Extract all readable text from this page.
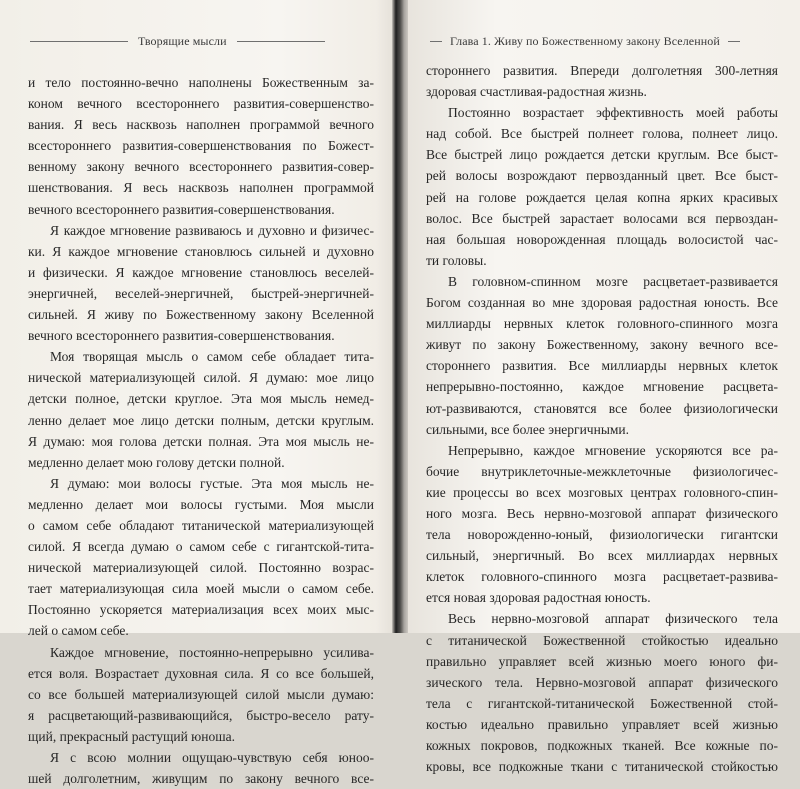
Творящие мысли
и тело постоянно-вечно наполнены Божественным за-
коном вечного всестороннего развития-совершенство-
вания. Я весь насквозь наполнен программой вечного
всестороннего развития-совершенствования по Божест-
венному закону вечного всестороннего развития-совер-
шенствования. Я весь насквозь наполнен программой
вечного всестороннего развития-совершенствования.
Я каждое мгновение развиваюсь и духовно и физичес-
ки. Я каждое мгновение становлюсь сильней и духовно
и физически. Я каждое мгновение становлюсь веселей-
энергичней, веселей-энергичней, быстрей-энергичней-
сильней. Я живу по Божественному закону Вселенной
вечного всестороннего развития-совершенствования.
Моя творящая мысль о самом себе обладает тита-
нической материализующей силой. Я думаю: мое лицо
детски полное, детски круглое. Эта моя мысль немед-
ленно делает мое лицо детски полным, детски круглым.
Я думаю: моя голова детски полная. Эта моя мысль не-
медленно делает мою голову детски полной.
Я думаю: мои волосы густые. Эта моя мысль не-
медленно делает мои волосы густыми. Моя мысли
о самом себе обладают титанической материализующей
силой. Я всегда думаю о самом себе с гигантской-тита-
нической материализующей силой. Постоянно возрас-
тает материализующая сила моей мысли о самом себе.
Постоянно ускоряется материализация всех моих мыс-
лей о самом себе.
Каждое мгновение, постоянно-непрерывно усилива-
ется воля. Возрастает духовная сила. Я со все большей,
со все большей материализующей силой мысли думаю:
я расцветающий-развивающийся, быстро-весело рату-
щий, прекрасный растущий юноша.
Я с всою молнии ощущаю-чувствую себя юноо-
шей долголетним, живущим по закону вечного все-
Глава 1. Живу по Божественному закону Вселенной
стороннего развития. Впереди долголетняя 300-летняя
здоровая счастливая-радостная жизнь.
Постоянно возрастает эффективность моей работы
над собой. Все быстрей полнеет голова, полнеет лицо.
Все быстрей лицо рождается детски круглым. Все быст-
рей волосы возрождают первозданный цвет. Все быст-
рей на голове рождается целая копна ярких красивых
волос. Все быстрей зарастает волосами вся первоздан-
ная большая новорожденная площадь волосистой час-
ти головы.
В головном-спинном мозге расцветает-развивается
Богом созданная во мне здоровая радостная юность. Все
миллиарды нервных клеток головного-спинного мозга
живут по закону Божественному, закону вечного все-
стороннего развития. Все миллиарды нервных клеток
непрерывно-постоянно, каждое мгновение расцвета-
ют-развиваются, становятся все более физиологически
сильными, все более энергичными.
Непрерывно, каждое мгновение ускоряются все ра-
бочие внутриклеточные-межклеточные физиологичес-
кие процессы во всех мозговых центрах головного-спин-
ного мозга. Весь нервно-мозговой аппарат физического
тела новорожденно-юный, физиологически гигантски
сильный, энергичный. Во всех миллиардах нервных
клеток головного-спинного мозга расцветает-развива-
ется новая здоровая радостная юность.
Весь нервно-мозговой аппарат физического тела
с титанической Божественной стойкостью идеально
правильно управляет всей жизнью моего юного фи-
зического тела. Нервно-мозговой аппарат физического
тела с гигантской-титанической Божественной стой-
костью идеально правильно управляет всей жизнью
кожных покровов, подкожных тканей. Все кожные по-
кровы, все подкожные ткани с титанической стойкостью
